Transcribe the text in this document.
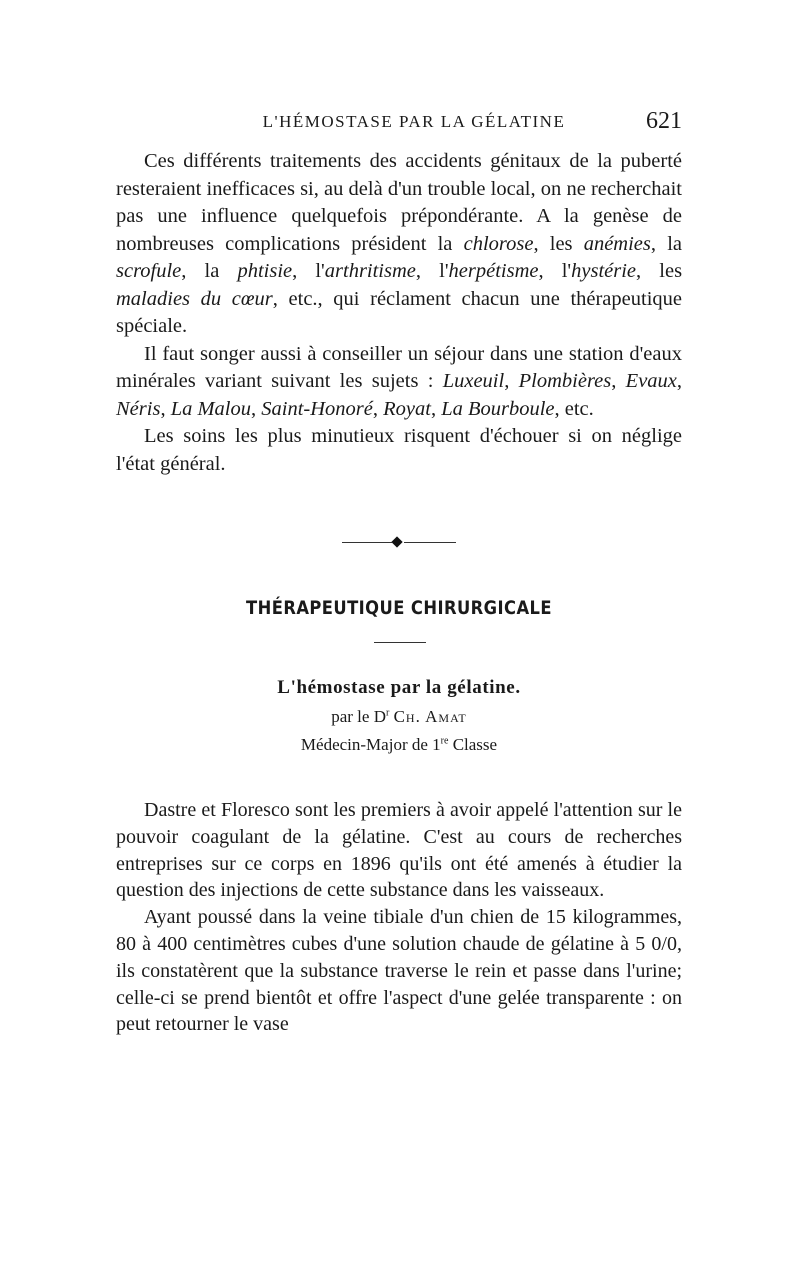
L'HÉMOSTASE PAR LA GÉLATINE	621

Ces différents traitements des accidents génitaux de la puberté resteraient inefficaces si, au delà d'un trouble local, on ne recherchait pas une influence quelquefois prépondérante. A la genèse de nombreuses complications président la chlorose, les anémies, la scrofule, la phtisie, l'arthritisme, l'herpétisme, l'hystérie, les maladies du cœur, etc., qui réclament chacun une thérapeutique spéciale.

Il faut songer aussi à conseiller un séjour dans une station d'eaux minérales variant suivant les sujets : Luxeuil, Plombières, Evaux, Néris, La Malou, Saint-Honoré, Royat, La Bourboule, etc.

Les soins les plus minutieux risquent d'échouer si on néglige l'état général.

THÉRAPEUTIQUE CHIRURGICALE
L'hémostase par la gélatine.
par le $D^r$ Ch. Amat
Médecin-Major de 1re Classe

Dastre et Floresco sont les premiers à avoir appelé l'attention sur le pouvoir coagulant de la gélatine. C'est au cours de recherches entreprises sur ce corps en 1896 qu'ils ont été amenés à étudier la question des injections de cette substance dans les vaisseaux.

Ayant poussé dans la veine tibiale d'un chien de 15 kilogrammes, 80 à 400 centimètres cubes d'une solution chaude de gélatine à 5 0/0, ils constatèrent que la substance traverse le rein et passe dans l'urine; celle-ci se prend bientôt et offre l'aspect d'une gelée transparente : on peut retourner le vase
